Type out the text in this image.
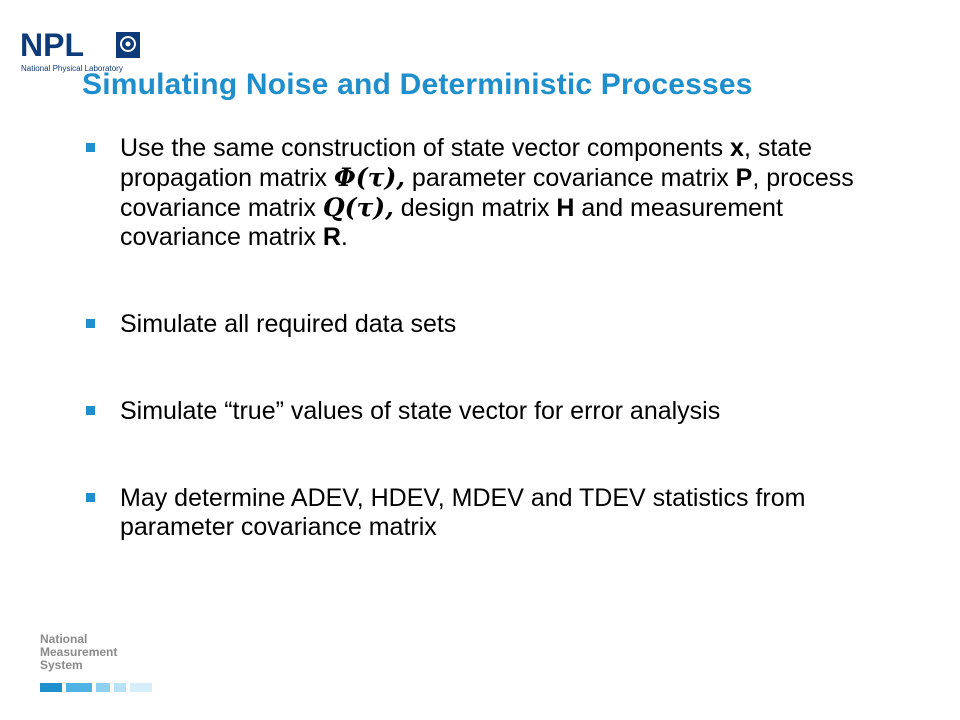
NPL
National Physical Laboratory
Simulating Noise and Deterministic Processes
Use the same construction of state vector components x, state propagation matrix Φ(τ), parameter covariance matrix P, process covariance matrix Q(τ), design matrix H and measurement covariance matrix R.
Simulate all required data sets
Simulate “true” values of state vector for error analysis
May determine ADEV, HDEV, MDEV and TDEV statistics from parameter covariance matrix
National
Measurement
System
